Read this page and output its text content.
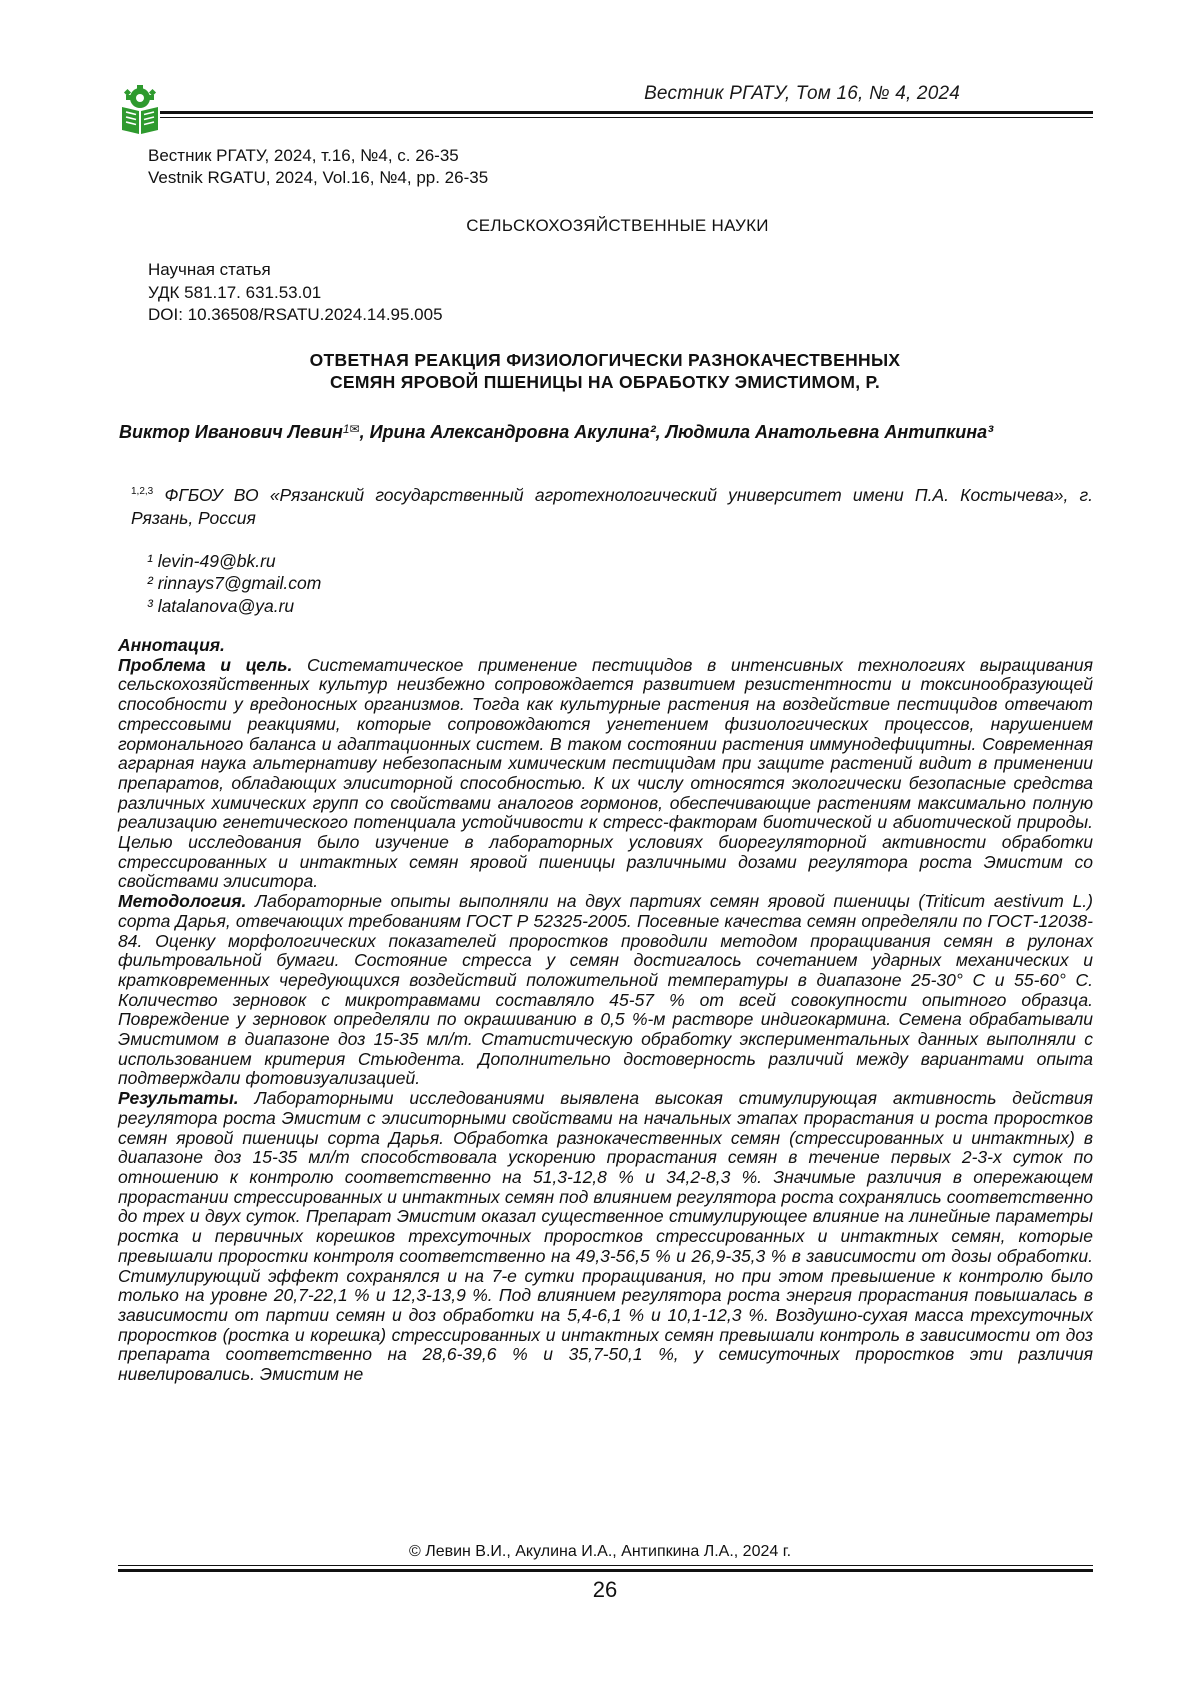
Вестник РГАТУ, Том 16, № 4, 2024
Вестник РГАТУ, 2024, т.16, №4, с. 26-35
Vestnik RGATU, 2024, Vol.16, №4, pp. 26-35
СЕЛЬСКОХОЗЯЙСТВЕННЫЕ НАУКИ
Научная статья
УДК 581.17. 631.53.01
DOI: 10.36508/RSATU.2024.14.95.005
ОТВЕТНАЯ РЕАКЦИЯ ФИЗИОЛОГИЧЕСКИ РАЗНОКАЧЕСТВЕННЫХ
СЕМЯН ЯРОВОЙ ПШЕНИЦЫ НА ОБРАБОТКУ ЭМИСТИМОМ, Р.
Виктор Иванович Левин$^{1✉}$, Ирина Александровна Акулина², Людмила Анатольевна Антипкина³
$^{1,2,3}$ ФГБОУ ВО «Рязанский государственный агротехнологический университет имени П.А. Костычева», г. Рязань, Россия
¹ levin-49@bk.ru
² rinnays7@gmail.com
³ latalanova@ya.ru

Аннотация.

Проблема и цель. Систематическое применение пестицидов в интенсивных технологиях выращивания сельскохозяйственных культур неизбежно сопровождается развитием резистентности и токсинообразующей способности у вредоносных организмов. Тогда как культурные растения на воздействие пестицидов отвечают стрессовыми реакциями, которые сопровождаются угнетением физиологических процессов, нарушением гормонального баланса и адаптационных систем. В таком состоянии растения иммунодефицитны. Современная аграрная наука альтернативу небезопасным химическим пестицидам при защите растений видит в применении препаратов, обладающих элиситорной способностью. К их числу относятся экологически безопасные средства различных химических групп со свойствами аналогов гормонов, обеспечивающие растениям максимально полную реализацию генетического потенциала устойчивости к стресс-факторам биотической и абиотической природы. Целью исследования было изучение в лабораторных условиях биорегуляторной активности обработки стрессированных и интактных семян яровой пшеницы различными дозами регулятора роста Эмистим со свойствами элиситора.

Методология. Лабораторные опыты выполняли на двух партиях семян яровой пшеницы (Triticum aestivum L.) сорта Дарья, отвечающих требованиям ГОСТ Р 52325-2005. Посевные качества семян определяли по ГОСТ-12038-84. Оценку морфологических показателей проростков проводили методом проращивания семян в рулонах фильтровальной бумаги. Состояние стресса у семян достигалось сочетанием ударных механических и кратковременных чередующихся воздействий положительной температуры в диапазоне 25-30° С и 55-60° С. Количество зерновок с микротравмами составляло 45-57 % от всей совокупности опытного образца. Повреждение у зерновок определяли по окрашиванию в 0,5 %-м растворе индигокармина. Семена обрабатывали Эмистимом в диапазоне доз 15-35 мл/т. Статистическую обработку экспериментальных данных выполняли с использованием критерия Стьюдента. Дополнительно достоверность различий между вариантами опыта подтверждали фотовизуализацией.

Результаты. Лабораторными исследованиями выявлена высокая стимулирующая активность действия регулятора роста Эмистим с элиситорными свойствами на начальных этапах прорастания и роста проростков семян яровой пшеницы сорта Дарья. Обработка разнокачественных семян (стрессированных и интактных) в диапазоне доз 15-35 мл/т способствовала ускорению прорастания семян в течение первых 2-3-х суток по отношению к контролю соответственно на 51,3-12,8 % и 34,2-8,3 %. Значимые различия в опережающем прорастании стрессированных и интактных семян под влиянием регулятора роста сохранялись соответственно до трех и двух суток. Препарат Эмистим оказал существенное стимулирующее влияние на линейные параметры ростка и первичных корешков трехсуточных проростков стрессированных и интактных семян, которые превышали проростки контроля соответственно на 49,3-56,5 % и 26,9-35,3 % в зависимости от дозы обработки. Стимулирующий эффект сохранялся и на 7-е сутки проращивания, но при этом превышение к контролю было только на уровне 20,7-22,1 % и 12,3-13,9 %. Под влиянием регулятора роста энергия прорастания повышалась в зависимости от партии семян и доз обработки на 5,4-6,1 % и 10,1-12,3 %. Воздушно-сухая масса трехсуточных проростков (ростка и корешка) стрессированных и интактных семян превышали контроль в зависимости от доз препарата соответственно на 28,6-39,6 % и 35,7-50,1 %, у семисуточных проростков эти различия нивелировались. Эмистим не

© Левин В.И., Акулина И.А., Антипкина Л.А., 2024 г.
26
